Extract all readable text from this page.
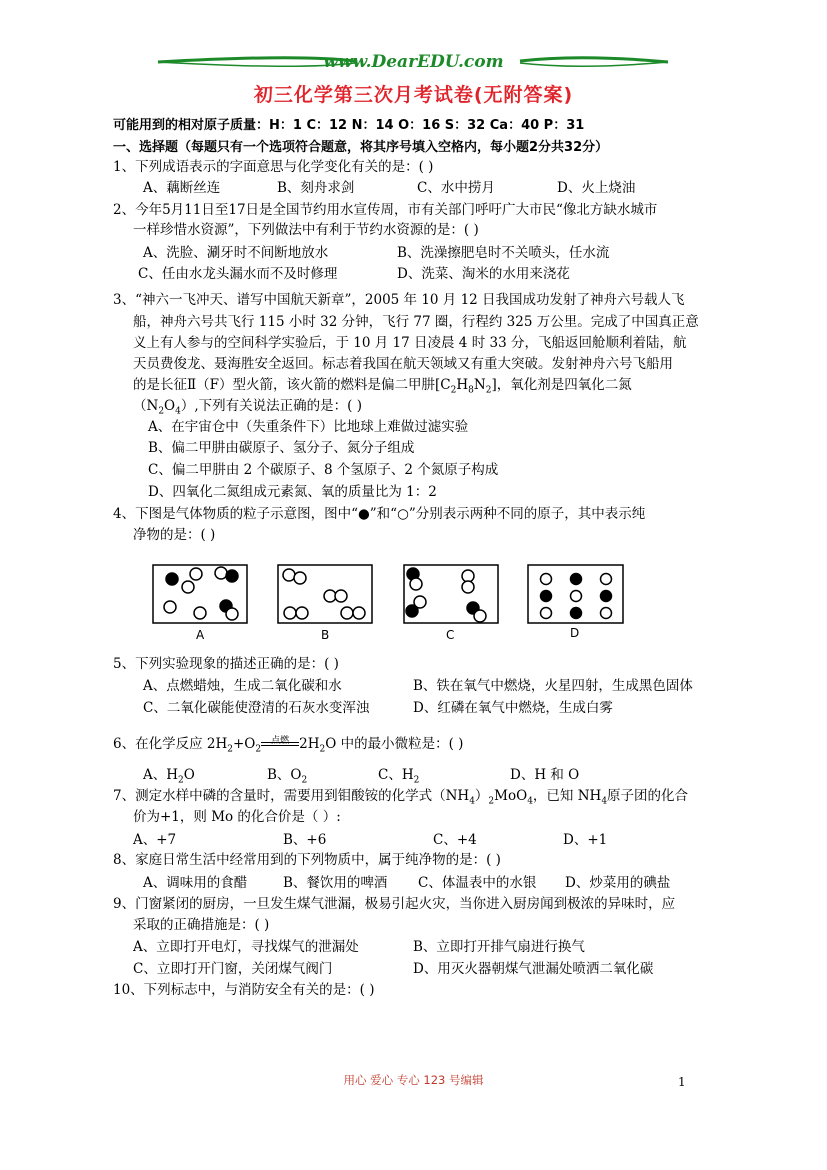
www.DearEDU.com
初三化学第三次月考试卷(无附答案)
可能用到的相对原子质量：H：1 C：12 N：14 O：16 S：32 Ca：40 P：31
一、选择题（每题只有一个选项符合题意，将其序号填入空格内，每小题2分共32分）
1、下列成语表示的字面意思与化学变化有关的是：( )
A、藕断丝连	B、刻舟求剑	C、水中捞月	D、火上烧油
2、今年5月11日至17日是全国节约用水宣传周，市有关部门呼吁广大市民“像北方缺水城市
一样珍惜水资源”，下列做法中有利于节约水资源的是：( )
A、洗脸、涮牙时不间断地放水	B、洗澡擦肥皂时不关喷头，任水流
C、任由水龙头漏水而不及时修理	D、洗菜、淘米的水用来浇花
3、“神六一飞冲天、谱写中国航天新章”，2005 年 10 月 12 日我国成功发射了神舟六号载人飞
船，神舟六号共飞行 115 小时 32 分钟，飞行 77 圈，行程约 325 万公里。完成了中国真正意
义上有人参与的空间科学实验后，于 10 月 17 日凌晨 4 时 33 分，飞船返回舱顺利着陆，航
天员费俊龙、聂海胜安全返回。标志着我国在航天领域又有重大突破。发射神舟六号飞船用
的是长征Ⅱ（F）型火箭，该火箭的燃料是偏二甲肼$[C_2H_8N_2]$，氧化剂是四氧化二氮
$(N_2O_4)$,下列有关说法正确的是：( )
A、在宇宙仓中（失重条件下）比地球上难做过滤实验
B、偏二甲肼由碳原子、氢分子、氮分子组成
C、偏二甲肼由 2 个碳原子、8 个氢原子、2 个氮原子构成
D、四氧化二氮组成元素氮、氧的质量比为 1：2
4、下图是气体物质的粒子示意图，图中“●”和“○”分别表示两种不同的原子，其中表示纯
净物的是：( )
A	B	C	D
5、下列实验现象的描述正确的是：( )
A、点燃蜡烛，生成二氧化碳和水	B、铁在氧气中燃烧，火星四射，生成黑色固体
C、二氧化碳能使澄清的石灰水变浑浊	D、红磷在氧气中燃烧，生成白雾
6、在化学反应 $2H_2+O_2$
点燃 $2H_2O$ 中的最小微粒是：( )
A、$H_2O$	B、$O_2$	C、$H_2$	D、H 和 O
7、测定水样中磷的含量时，需要用到钼酸铵的化学式$(NH_4)_2MoO_4$，已知 $NH_4$原子团的化合
价为+1，则 Mo 的化合价是（ ）:
A、+7	B、+6	C、+4	D、+1
8、家庭日常生活中经常用到的下列物质中，属于纯净物的是：( )
A、调味用的食醋	B、餐饮用的啤酒 C、体温表中的水银 D、炒菜用的碘盐
9、门窗紧闭的厨房，一旦发生煤气泄漏，极易引起火灾，当你进入厨房闻到极浓的异味时，应
采取的正确措施是：( )
A、立即打开电灯，寻找煤气的泄漏处	B、立即打开排气扇进行换气
C、立即打开门窗，关闭煤气阀门	D、用灭火器朝煤气泄漏处喷洒二氧化碳
10、下列标志中，与消防安全有关的是：( )
用心 爱心 专心 123 号编辑	1
